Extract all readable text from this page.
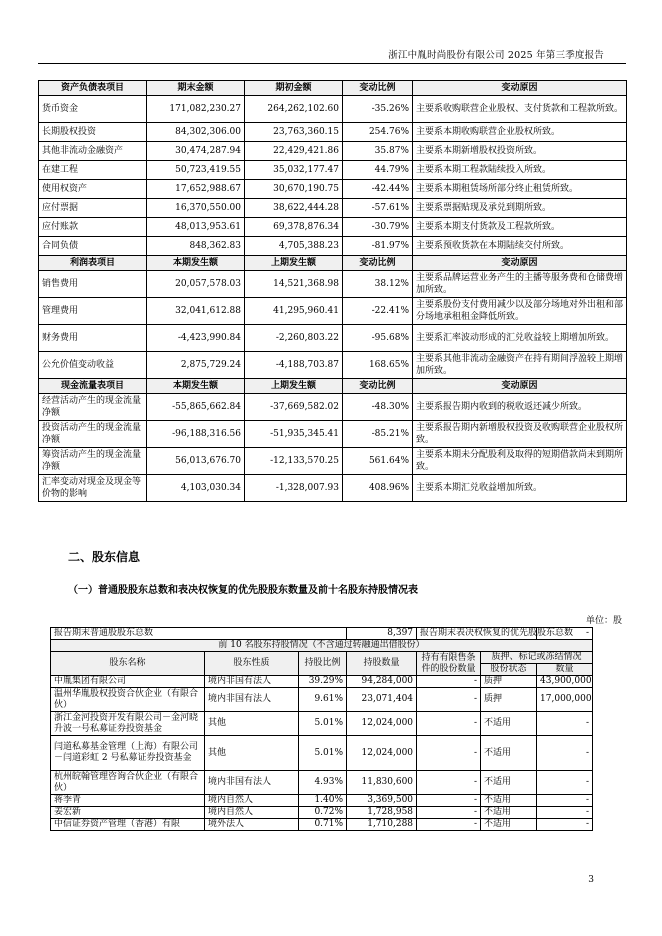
浙江中胤时尚股份有限公司 2025 年第三季度报告
资产负债表项目	期末金额	期初金额	变动比例	变动原因
货币资金	171,082,230.27	264,262,102.60	-35.26%	主要系收购联营企业股权、支付货款和工程款所致。
长期股权投资	84,302,306.00	23,763,360.15	254.76%	主要系本期收购联营企业股权所致。
其他非流动金融资产	30,474,287.94	22,429,421.86	35.87%	主要系本期新增股权投资所致。
在建工程	50,723,419.55	35,032,177.47	44.79%	主要系本期工程款陆续投入所致。
使用权资产	17,652,988.67	30,670,190.75	-42.44%	主要系本期租赁场所部分终止租赁所致。
应付票据	16,370,550.00	38,622,444.28	-57.61%	主要系票据贴现及承兑到期所致。
应付账款	48,013,953.61	69,378,876.34	-30.79%	主要系本期支付货款及工程款所致。
合同负债	848,362.83	4,705,388.23	-81.97%	主要系预收货款在本期陆续交付所致。
利润表项目	本期发生额	上期发生额	变动比例	变动原因
销售费用	20,057,578.03	14,521,368.98	38.12%	主要系品牌运营业务产生的主播等服务费和仓储费增加所致。
管理费用	32,041,612.88	41,295,960.41	-22.41%	主要系股份支付费用减少以及部分场地对外出租和部分场地承租租金降低所致。
财务费用	-4,423,990.84	-2,260,803.22	-95.68%	主要系汇率波动形成的汇兑收益较上期增加所致。
公允价值变动收益	2,875,729.24	-4,188,703.87	168.65%	主要系其他非流动金融资产在持有期间浮盈较上期增加所致。
现金流量表项目	本期发生额	上期发生额	变动比例	变动原因
经营活动产生的现金流量净额	-55,865,662.84	-37,669,582.02	-48.30%	主要系报告期内收到的税收返还减少所致。
投资活动产生的现金流量净额	-96,188,316.56	-51,935,345.41	-85.21%	主要系报告期内新增股权投资及收购联营企业股权所致。
筹资活动产生的现金流量净额	56,013,676.70	-12,133,570.25	561.64%	主要系本期未分配股利及取得的短期借款尚未到期所致。
汇率变动对现金及现金等价物的影响	4,103,030.34	-1,328,007.93	408.96%	主要系本期汇兑收益增加所致。
二、股东信息
（一）普通股股东总数和表决权恢复的优先股股东数量及前十名股东持股情况表
单位：股
报告期末普通股股东总数			8,397	报告期末表决权恢复的优先股股东总数		-
前 10 名股东持股情况（不含通过转融通出借股份）						
股东名称	股东性质	持股比例	持股数量	持有有限售条件的股份数量	质押、标记或冻结情况	
					股份状态	数量
中胤集团有限公司	境内非国有法人	39.29%	94,284,000	-	质押	43,900,000
温州华胤股权投资合伙企业（有限合伙）	境内非国有法人	9.61%	23,071,404	-	质押	17,000,000
浙江金河投资开发有限公司－金河晓升波一号私募证券投资基金	其他	5.01%	12,024,000	-	不适用	-
闫道私募基金管理（上海）有限公司－闫道彩虹 2 号私募证券投资基金	其他	5.01%	12,024,000	-	不适用	-
杭州皖翰管理咨询合伙企业（有限合伙）	境内非国有法人	4.93%	11,830,600	-	不适用	-
蒋季青	境内自然人	1.40%	3,369,500	-	不适用	-
姜宏新	境内自然人	0.72%	1,728,958	-	不适用	-
中信证券资产管理（香港）有限	境外法人	0.71%	1,710,288	-	不适用	-
3
